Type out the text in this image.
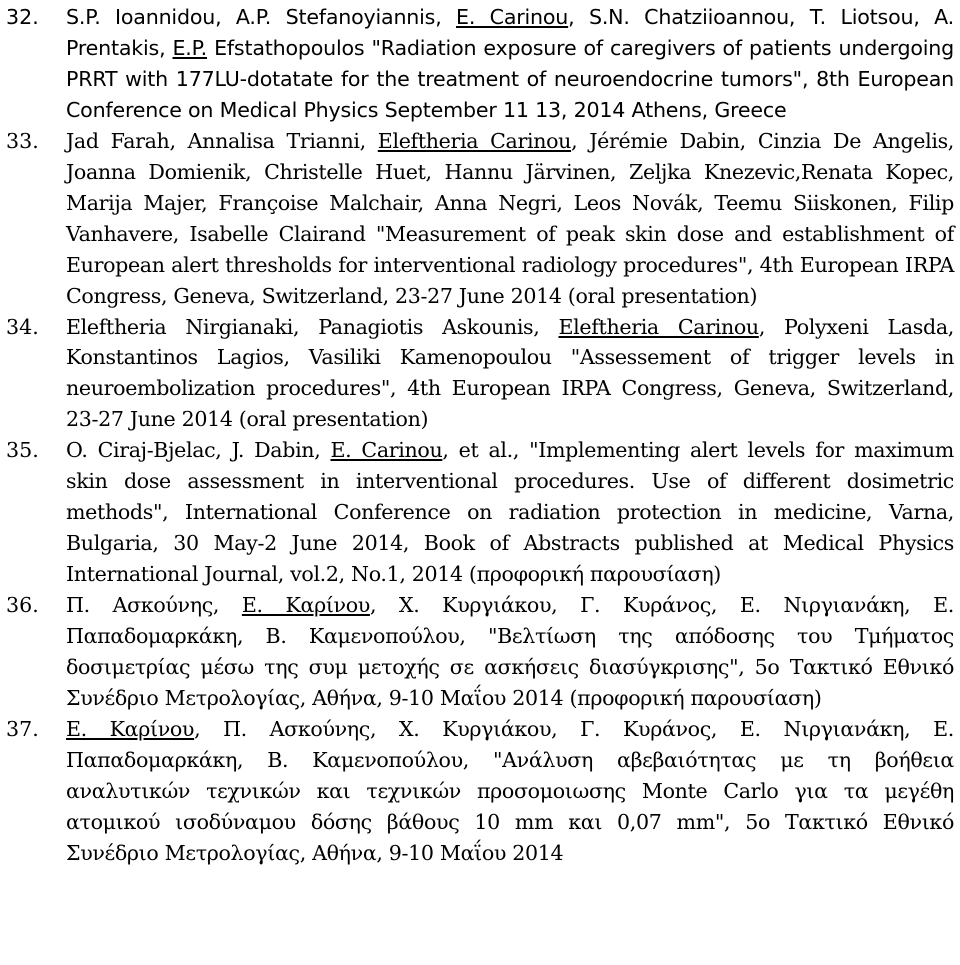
32.	S.P. Ioannidou, A.P. Stefanoyiannis, E. Carinou, S.N. Chatziioannou, T. Liotsou, A. Prentakis, E.P. Efstathopoulos "Radiation exposure of caregivers of patients undergoing PRRT with 177LU-dotatate for the treatment of neuroendocrine tumors", 8th European Conference on Medical Physics September 11 13, 2014 Athens, Greece
33.	Jad Farah, Annalisa Trianni, Eleftheria Carinou, Jérémie Dabin, Cinzia De Angelis, Joanna Domienik, Christelle Huet, Hannu Järvinen, Zeljka Knezevic,Renata Kopec, Marija Majer, Françoise Malchair, Anna Negri, Leos Novák, Teemu Siiskonen, Filip Vanhavere, Isabelle Clairand "Measurement of peak skin dose and establishment of European alert thresholds for interventional radiology procedures", 4th European IRPA Congress, Geneva, Switzerland, 23-27 June 2014 (oral presentation)
34.	Eleftheria Nirgianaki, Panagiotis Askounis, Eleftheria Carinou, Polyxeni Lasda, Konstantinos Lagios, Vasiliki Kamenopoulou "Assessement of trigger levels in neuroembolization procedures", 4th European IRPA Congress, Geneva, Switzerland, 23-27 June 2014 (oral presentation)
35.	O. Ciraj-Bjelac, J. Dabin, E. Carinou, et al., "Implementing alert levels for maximum skin dose assessment in interventional procedures. Use of different dosimetric methods", International Conference on radiation protection in medicine, Varna, Bulgaria, 30 May-2 June 2014, Book of Abstracts published at Medical Physics International Journal, vol.2, No.1, 2014 (προφορική παρουσίαση)
36.	Π. Ασκούνης, Ε. Καρίνου, Χ. Κυργιάκου, Γ. Κυράνος, Ε. Νιργιανάκη, Ε. Παπαδομαρκάκη, Β. Καμενοπούλου, "Βελτίωση της απόδοσης του Τμήματος δοσιμετρίας μέσω της συμ μετοχής σε ασκήσεις διασύγκρισης", 5ο Τακτικό Εθνικό Συνέδριο Μετρολογίας, Αθήνα, 9-10 Μαΐου 2014 (προφορική παρουσίαση)
37.	Ε. Καρίνου, Π. Ασκούνης, Χ. Κυργιάκου, Γ. Κυράνος, Ε. Νιργιανάκη, Ε. Παπαδομαρκάκη, Β. Καμενοπούλου, "Ανάλυση αβεβαιότητας με τη βοήθεια αναλυτικών τεχνικών και τεχνικών προσομοιωσης Monte Carlo για τα μεγέθη ατομικού ισοδύναμου δόσης βάθους 10 mm και 0,07 mm", 5ο Τακτικό Εθνικό Συνέδριο Μετρολογίας, Αθήνα, 9-10 Μαΐου 2014
